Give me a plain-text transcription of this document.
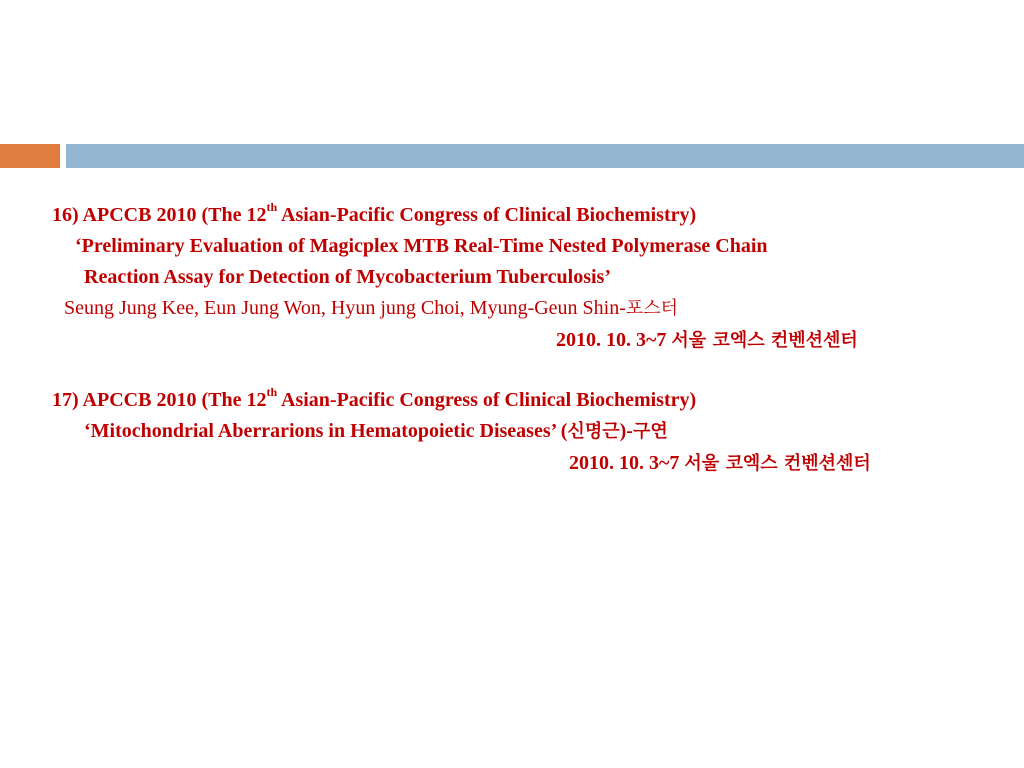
16) APCCB 2010 (The 12th Asian-Pacific Congress of Clinical Biochemistry)
‘Preliminary Evaluation of Magicplex MTB Real-Time Nested Polymerase Chain
Reaction Assay for Detection of Mycobacterium Tuberculosis’
Seung Jung Kee, Eun Jung Won, Hyun jung Choi, Myung-Geun Shin-포스터
2010. 10. 3~7 서울 코엑스 컨벤션센터
17) APCCB 2010 (The 12th Asian-Pacific Congress of Clinical Biochemistry)
‘Mitochondrial Aberrarions in Hematopoietic Diseases’ (신명근)-구연
2010. 10. 3~7 서울 코엑스 컨벤션센터
